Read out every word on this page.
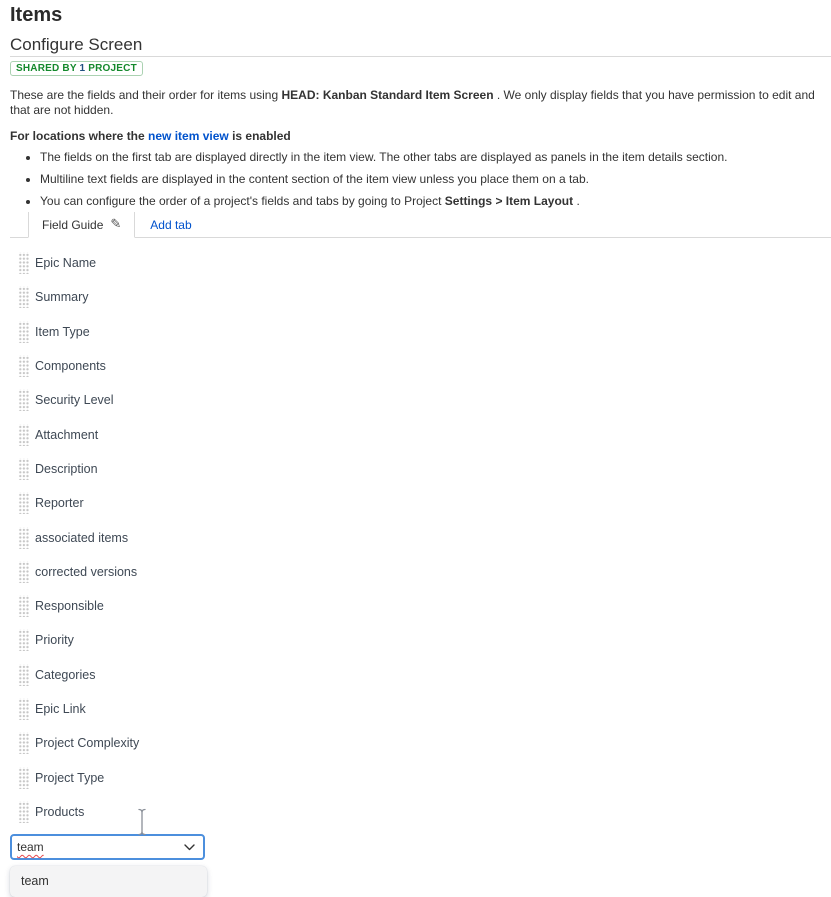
Items
Configure Screen
SHARED BY 1 PROJECT
These are the fields and their order for items using HEAD: Kanban Standard Item Screen . We only display fields that you have permission to edit and that are not hidden.
For locations where the new item view is enabled
• The fields on the first tab are displayed directly in the item view. The other tabs are displayed as panels in the item details section.
• Multiline text fields are displayed in the content section of the item view unless you place them on a tab.
• You can configure the order of a project's fields and tabs by going to Project Settings > Item Layout .
Field Guide ✎ Add tab
Epic Name
Summary
Item Type
Components
Security Level
Attachment
Description
Reporter
associated items
corrected versions
Responsible
Priority
Categories
Epic Link
Project Complexity
Project Type
Products
team
team
